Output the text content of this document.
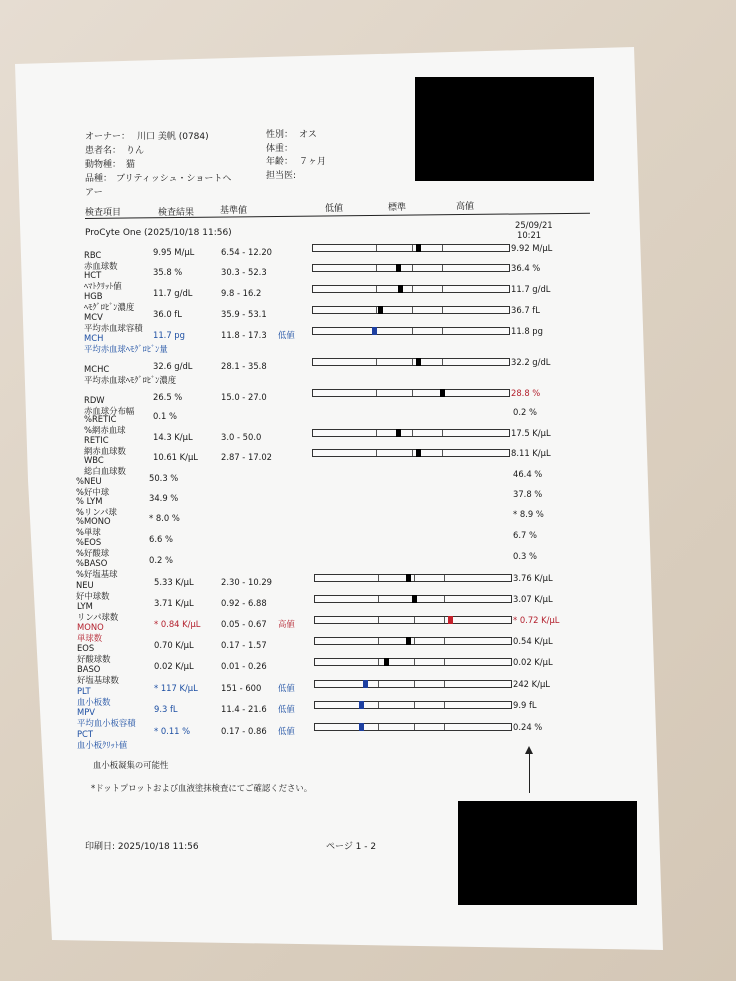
オーナー： 川口 美帆 (0784)
患者名： りん
動物種： 猫
品種： ブリティッシュ・ショートヘ
アー
性別： オス
体重：
年齢： ７ヶ月
担当医:
検査項目	検査結果	基準値	低値	標準	高値
25/09/21
10:21
ProCyte One (2025/10/18 11:56)
RBC
赤血球数
9.95 M/µL	6.54 - 12.20	9.92 M/µL
HCT
ﾍﾏﾄｸﾘｯﾄ値
35.8 %	30.3 - 52.3	36.4 %
HGB
ﾍﾓｸﾞﾛﾋﾞﾝ濃度
11.7 g/dL	9.8 - 16.2	11.7 g/dL
MCV
平均赤血球容積
36.0 fL	35.9 - 53.1	36.7 fL
MCH
平均赤血球ﾍﾓｸﾞﾛﾋﾞﾝ量
11.7 pg	11.8 - 17.3 低値	11.8 pg
MCHC
平均赤血球ﾍﾓｸﾞﾛﾋﾞﾝ濃度
32.6 g/dL	28.1 - 35.8	32.2 g/dL
RDW
赤血球分布幅
26.5 %	15.0 - 27.0	28.8 %
%RETIC
%網赤血球
0.1 %	0.2 %
RETIC
網赤血球数
14.3 K/µL	3.0 - 50.0	17.5 K/µL
WBC
総白血球数
10.61 K/µL	2.87 - 17.02	8.11 K/µL
%NEU
%好中球
50.3 %	46.4 %
% LYM
%リンパ球
34.9 %	37.8 %
%MONO
%単球
* 8.0 %	* 8.9 %
%EOS
%好酸球
6.6 %	6.7 %
%BASO
%好塩基球
0.2 %	0.3 %
NEU
好中球数
5.33 K/µL	2.30 - 10.29	3.76 K/µL
LYM
リンパ球数
3.71 K/µL	0.92 - 6.88	3.07 K/µL
MONO
単球数
* 0.84 K/µL 0.05 - 0.67 高値	* 0.72 K/µL
EOS
好酸球数
0.70 K/µL	0.17 - 1.57	0.54 K/µL
BASO
好塩基球数
0.02 K/µL	0.01 - 0.26	0.02 K/µL
PLT
血小板数
* 117 K/µL	151 - 600 低値	242 K/µL
MPV
平均血小板容積
9.3 fL	11.4 - 21.6 低値	9.9 fL
PCT
血小板ｸﾘｯﾄ値
* 0.11 %	0.17 - 0.86 低値	0.24 %
血小板凝集の可能性
*ドットプロットおよび血液塗抹検査にてご確認ください。
印刷日: 2025/10/18 11:56	ページ 1 - 2
